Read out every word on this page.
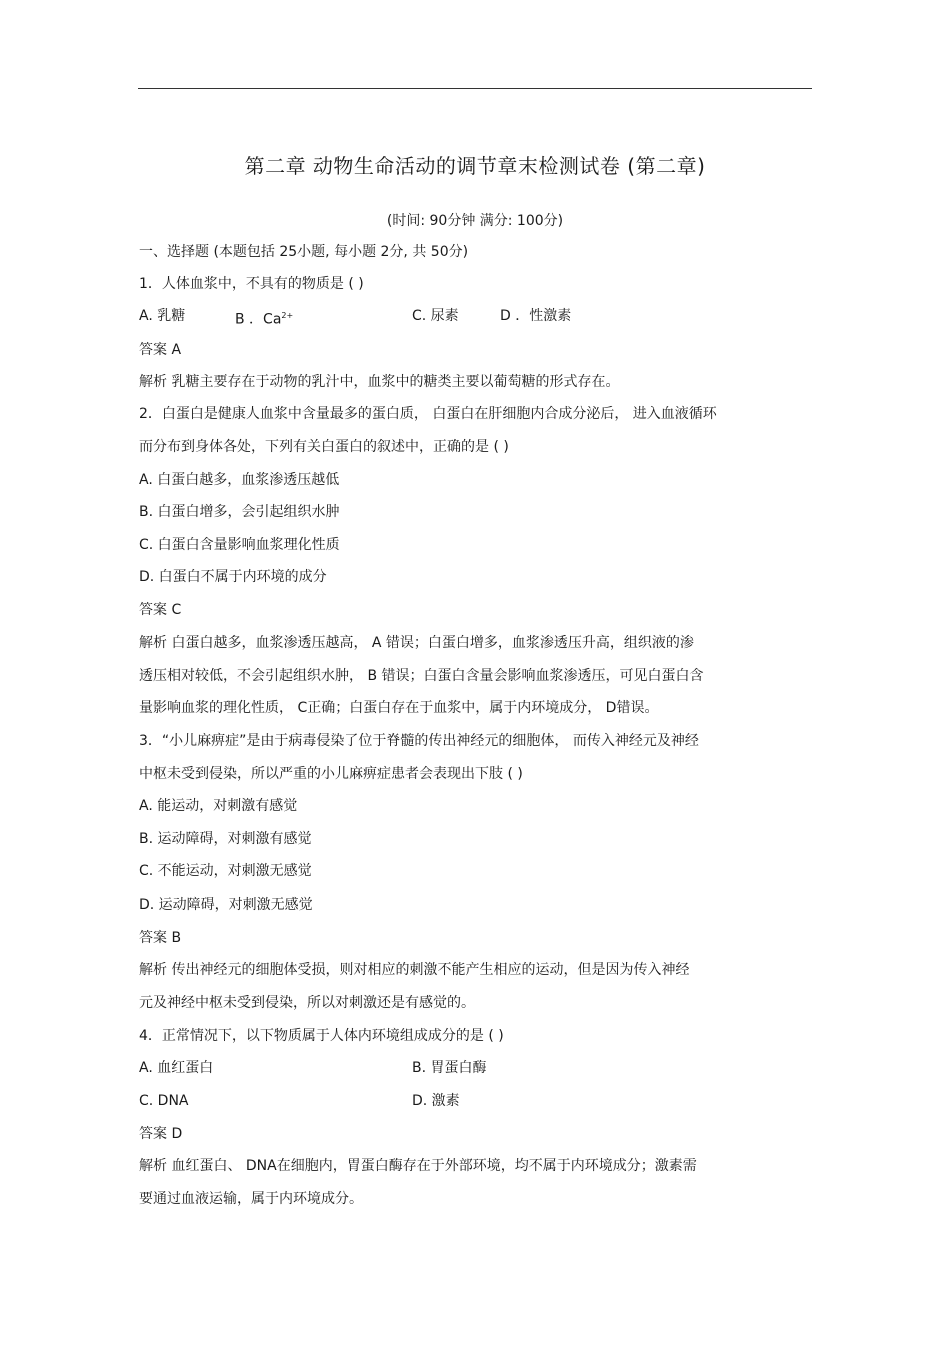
第二章 动物生命活动的调节章末检测试卷 (第二章)
(时间: 90分钟 满分: 100分)
一、选择题 (本题包括 25小题, 每小题 2分, 共 50分)
1．人体血浆中，不具有的物质是 ( )
A. 乳糖	B ．$Ca^{2+}$	C. 尿素	D ．性激素
答案 A
解析 乳糖主要存在于动物的乳汁中，血浆中的糖类主要以葡萄糖的形式存在。
2．白蛋白是健康人血浆中含量最多的蛋白质， 白蛋白在肝细胞内合成分泌后， 进入血液循环
而分布到身体各处，下列有关白蛋白的叙述中，正确的是 ( )
A. 白蛋白越多，血浆渗透压越低
B. 白蛋白增多，会引起组织水肿
C. 白蛋白含量影响血浆理化性质
D. 白蛋白不属于内环境的成分
答案 C
解析 白蛋白越多，血浆渗透压越高， A 错误；白蛋白增多，血浆渗透压升高，组织液的渗
透压相对较低，不会引起组织水肿， B 错误；白蛋白含量会影响血浆渗透压，可见白蛋白含
量影响血浆的理化性质， C正确；白蛋白存在于血浆中，属于内环境成分， D错误。
3．“小儿麻痹症”是由于病毒侵染了位于脊髓的传出神经元的细胞体， 而传入神经元及神经
中枢未受到侵染，所以严重的小儿麻痹症患者会表现出下肢 ( )
A. 能运动，对刺激有感觉
B. 运动障碍，对刺激有感觉
C. 不能运动，对刺激无感觉
D. 运动障碍，对刺激无感觉
答案 B
解析 传出神经元的细胞体受损，则对相应的刺激不能产生相应的运动，但是因为传入神经
元及神经中枢未受到侵染，所以对刺激还是有感觉的。
4．正常情况下，以下物质属于人体内环境组成成分的是 ( )
A. 血红蛋白	B. 胃蛋白酶
C. DNA	D. 激素
答案 D
解析 血红蛋白、 DNA在细胞内，胃蛋白酶存在于外部环境，均不属于内环境成分；激素需
要通过血液运输，属于内环境成分。
